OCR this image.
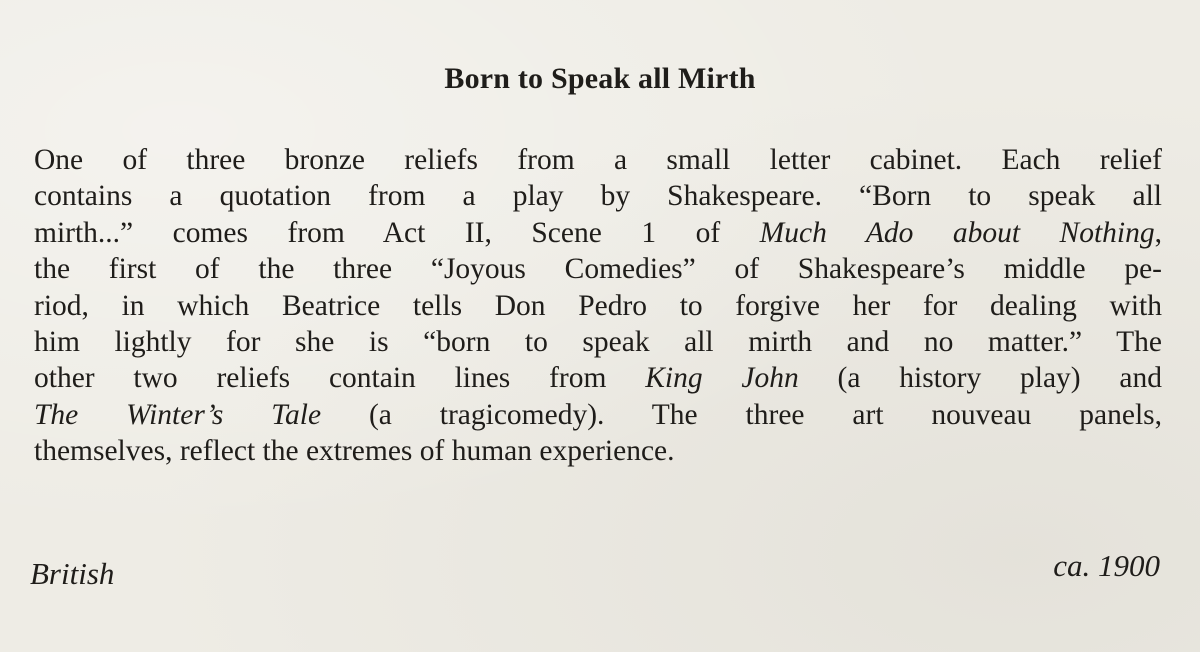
Born to Speak all Mirth
One of three bronze reliefs from a small letter cabinet. Each relief
contains a quotation from a play by Shakespeare. “Born to speak all
mirth...” comes from Act II, Scene 1 of Much Ado about Nothing,
the first of the three “Joyous Comedies” of Shakespeare’s middle pe-
riod, in which Beatrice tells Don Pedro to forgive her for dealing with
him lightly for she is “born to speak all mirth and no matter.” The
other two reliefs contain lines from King John (a history play) and
The Winter’s Tale (a tragicomedy). The three art nouveau panels,
themselves, reflect the extremes of human experience.

British	ca. 1900
